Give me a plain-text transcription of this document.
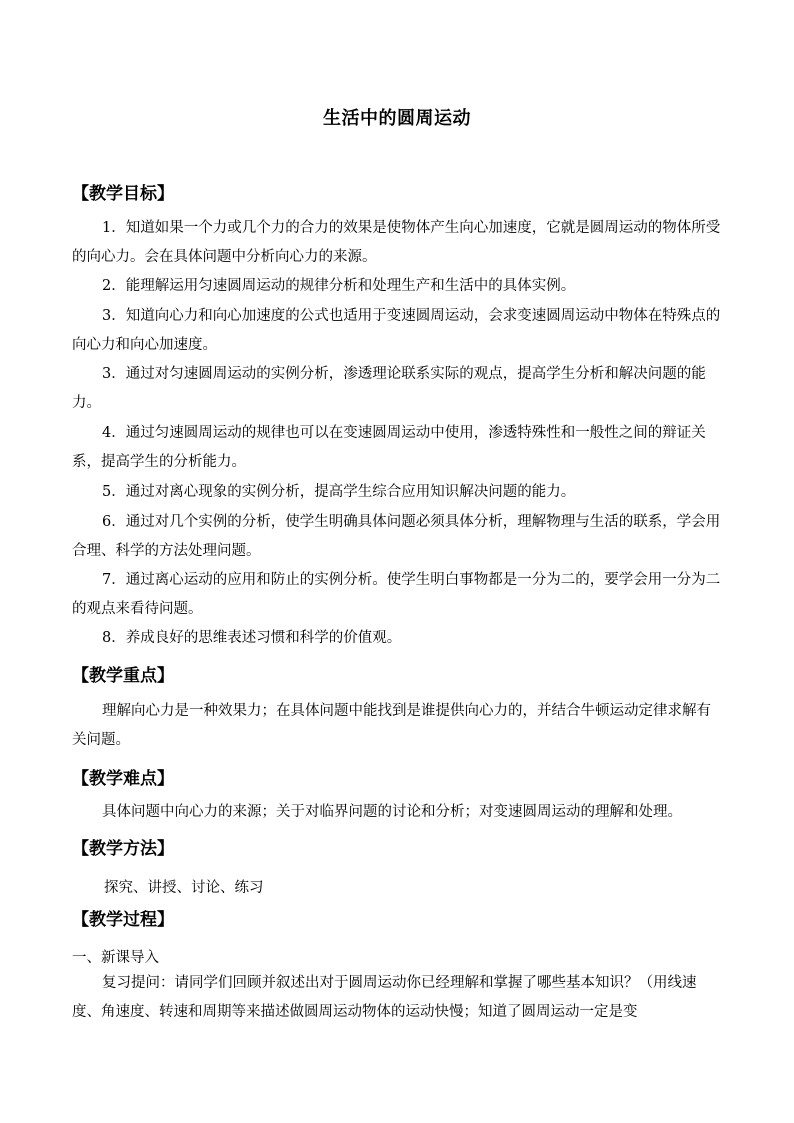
生活中的圆周运动
【教学目标】
1．知道如果一个力或几个力的合力的效果是使物体产生向心加速度，它就是圆周运动的物体所受的向心力。会在具体问题中分析向心力的来源。
2．能理解运用匀速圆周运动的规律分析和处理生产和生活中的具体实例。
3．知道向心力和向心加速度的公式也适用于变速圆周运动，会求变速圆周运动中物体在特殊点的向心力和向心加速度。
3．通过对匀速圆周运动的实例分析，渗透理论联系实际的观点，提高学生分析和解决问题的能力。
4．通过匀速圆周运动的规律也可以在变速圆周运动中使用，渗透特殊性和一般性之间的辩证关系，提高学生的分析能力。
5．通过对离心现象的实例分析，提高学生综合应用知识解决问题的能力。
6．通过对几个实例的分析，使学生明确具体问题必须具体分析，理解物理与生活的联系，学会用合理、科学的方法处理问题。
7．通过离心运动的应用和防止的实例分析。使学生明白事物都是一分为二的，要学会用一分为二的观点来看待问题。
8．养成良好的思维表述习惯和科学的价值观。
【教学重点】
理解向心力是一种效果力；在具体问题中能找到是谁提供向心力的，并结合牛顿运动定律求解有关问题。
【教学难点】
具体问题中向心力的来源；关于对临界问题的讨论和分析；对变速圆周运动的理解和处理。
【教学方法】
探究、讲授、讨论、练习
【教学过程】
一、新课导入
复习提问：请同学们回顾并叙述出对于圆周运动你已经理解和掌握了哪些基本知识？（用线速度、角速度、转速和周期等来描述做圆周运动物体的运动快慢；知道了圆周运动一定是变
